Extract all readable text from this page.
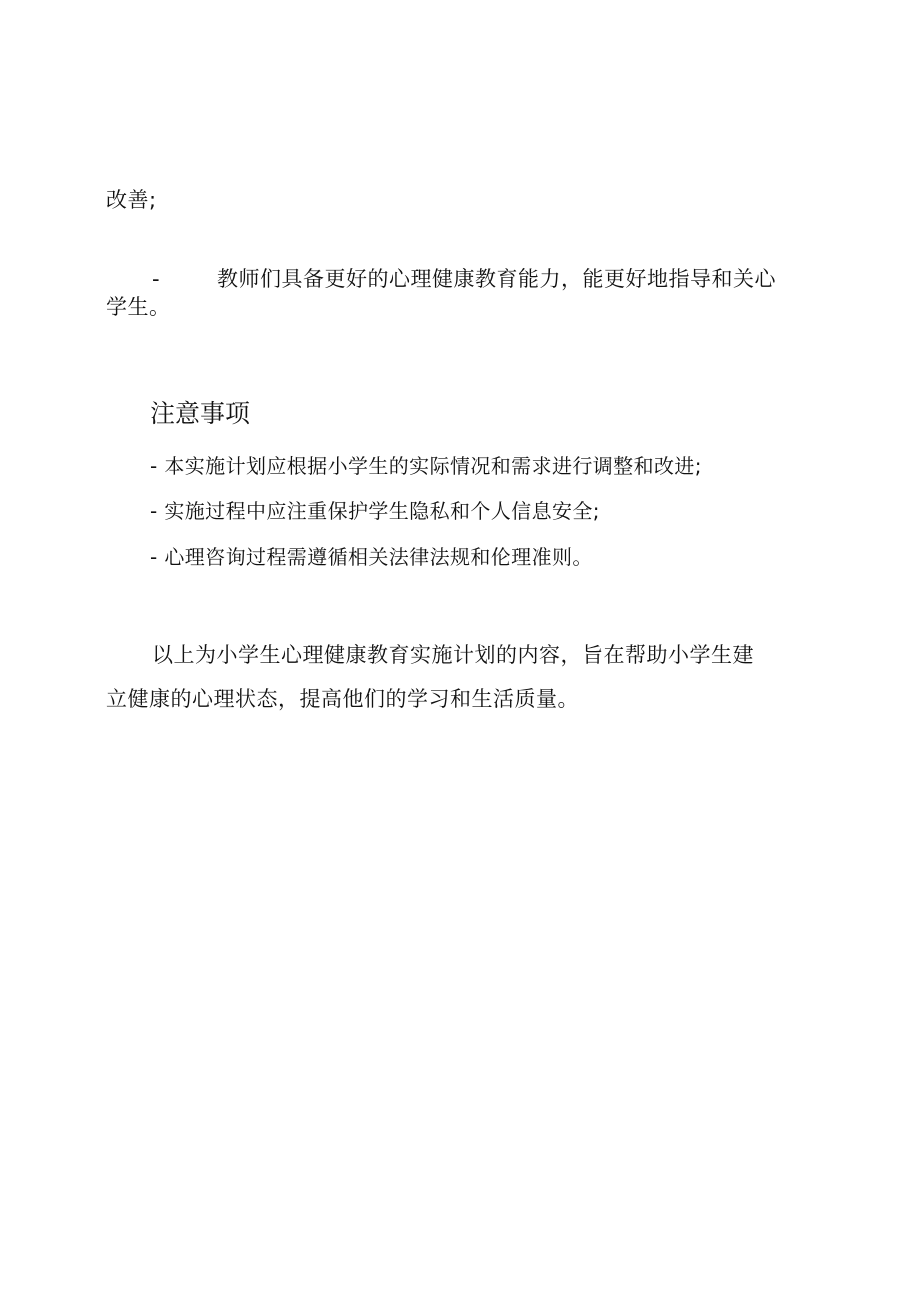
改善;
-	教师们具备更好的心理健康教育能力，能更好地指导和关心
学生。
注意事项
- 本实施计划应根据小学生的实际情况和需求进行调整和改进;
- 实施过程中应注重保护学生隐私和个人信息安全;
- 心理咨询过程需遵循相关法律法规和伦理准则。
以上为小学生心理健康教育实施计划的内容，旨在帮助小学生建
立健康的心理状态，提高他们的学习和生活质量。
